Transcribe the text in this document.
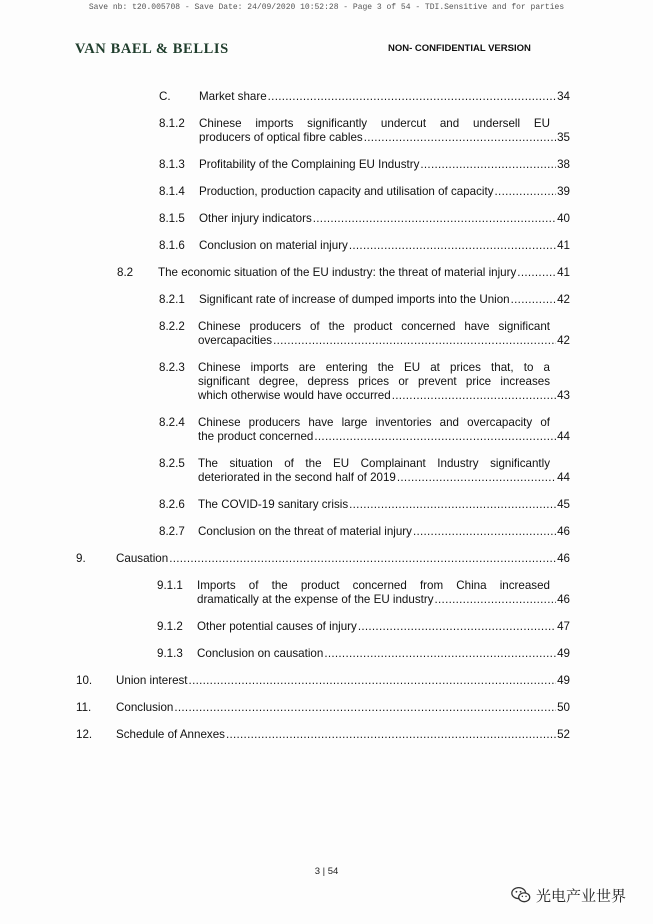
Save nb: t20.005708 - Save Date: 24/09/2020 10:52:28 - Page 3 of 54 - TDI.Sensitive and for parties
VAN BAEL & BELLIS	NON- CONFIDENTIAL VERSION
C. Market share .....	34
8.1.2 Chinese imports significantly undercut and undersell EU
producers of optical fibre cables .....	35
8.1.3 Profitability of the Complaining EU Industry .....	38
8.1.4 Production, production capacity and utilisation of capacity .....	39
8.1.5 Other injury indicators .....	40
8.1.6 Conclusion on material injury .....	41
8.2 The economic situation of the EU industry: the threat of material injury .....	41
8.2.1 Significant rate of increase of dumped imports into the Union .....	42
8.2.2 Chinese producers of the product concerned have significant
overcapacities .....	42
8.2.3 Chinese imports are entering the EU at prices that, to a
significant degree, depress prices or prevent price increases
which otherwise would have occurred .....	43
8.2.4 Chinese producers have large inventories and overcapacity of
the product concerned .....	44
8.2.5 The situation of the EU Complainant Industry significantly
deteriorated in the second half of 2019 .....	44
8.2.6 The COVID-19 sanitary crisis .....	45
8.2.7 Conclusion on the threat of material injury .....	46
9.	Causation .....	46
9.1.1 Imports of the product concerned from China increased
dramatically at the expense of the EU industry .....	46
9.1.2 Other potential causes of injury .....	47
9.1.3 Conclusion on causation .....	49
10. Union interest .....	49
11. Conclusion .....	50
12. Schedule of Annexes .....	52
3 | 54
光电产业世界
